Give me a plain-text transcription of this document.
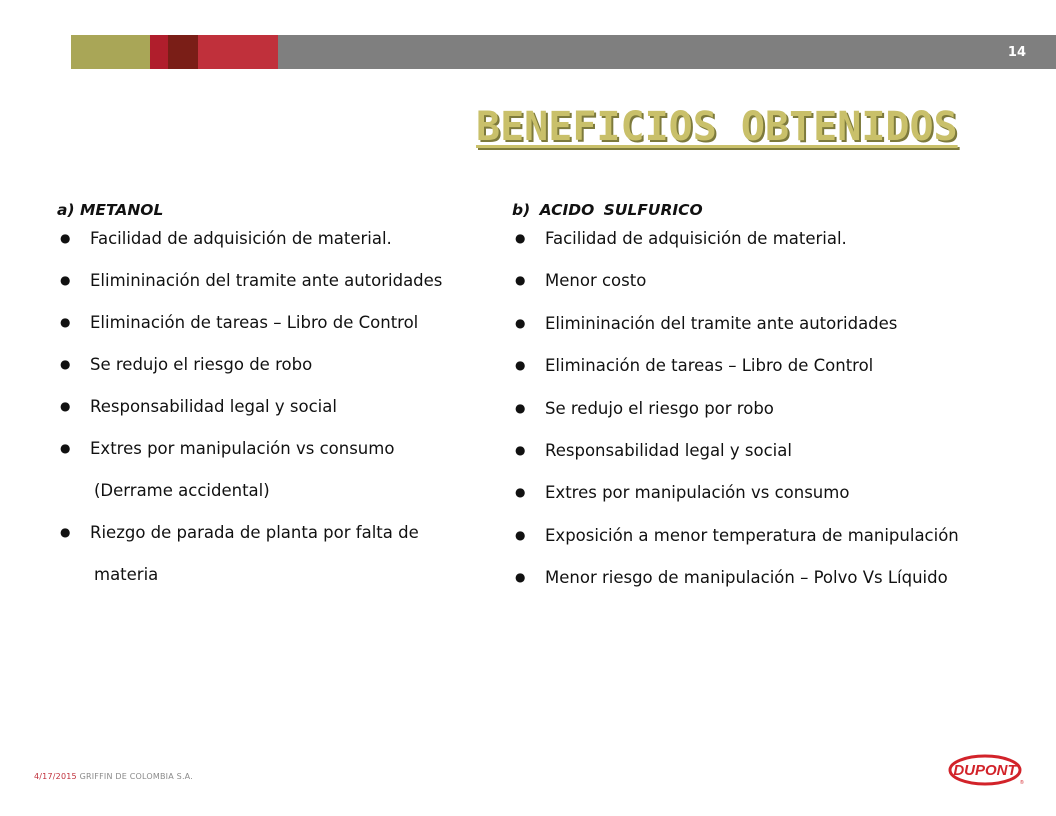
14
BENEFICIOS OBTENIDOS
a) METANOL
● Facilidad de adquisición de material.
● Elimininación del tramite ante autoridades
● Eliminación de tareas – Libro de Control
● Se redujo el riesgo de robo
● Responsabilidad legal y social
● Extres por manipulación vs consumo
(Derrame accidental)
● Riezgo de parada de planta por falta de
materia
b) ACIDO SULFURICO
● Facilidad de adquisición de material.
● Menor costo
● Elimininación del tramite ante autoridades
● Eliminación de tareas – Libro de Control
● Se redujo el riesgo por robo
● Responsabilidad legal y social
● Extres por manipulación vs consumo
● Exposición a menor temperatura de manipulación
● Menor riesgo de manipulación – Polvo Vs Líquido
4/17/2015 GRIFFIN DE COLOMBIA S.A.	DUPONT
®
